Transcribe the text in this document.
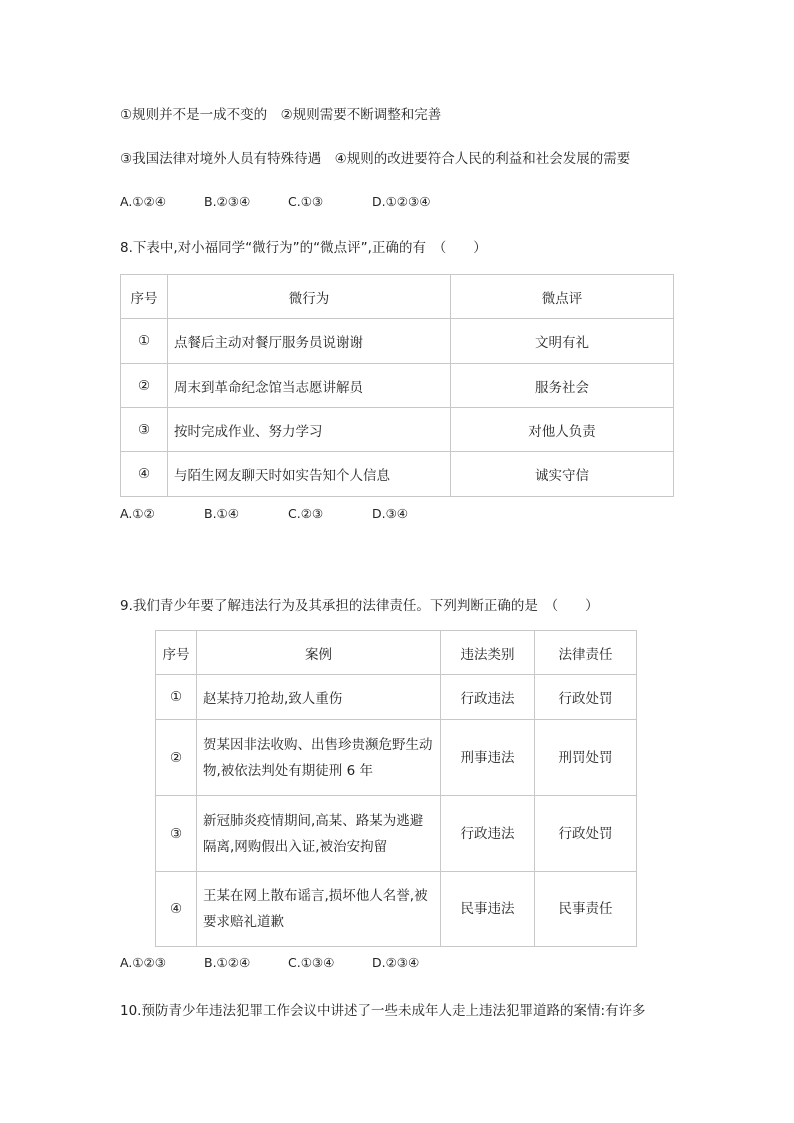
①规则并不是一成不变的　②规则需要不断调整和完善
③我国法律对境外人员有特殊待遇　④规则的改进要符合人民的利益和社会发展的需要
A.①②④	B.②③④	C.①③	D.①②③④
8.下表中,对小福同学“微行为”的“微点评”,正确的有　（　　）
序号	微行为	微点评
①	点餐后主动对餐厅服务员说谢谢	文明有礼
②	周末到革命纪念馆当志愿讲解员	服务社会
③	按时完成作业、努力学习	对他人负责
④	与陌生网友聊天时如实告知个人信息	诚实守信
A.①②	B.①④	C.②③	D.③④
9.我们青少年要了解违法行为及其承担的法律责任。下列判断正确的是　（　　）
序号	案例	违法类别	法律责任
①	赵某持刀抢劫,致人重伤	行政违法	行政处罚
②	贺某因非法收购、出售珍贵濒危野生动物,被依法判处有期徒刑 6 年	刑事违法	刑罚处罚
③	新冠肺炎疫情期间,高某、路某为逃避隔离,网购假出入证,被治安拘留	行政违法	行政处罚
④	王某在网上散布谣言,损坏他人名誉,被要求赔礼道歉	民事违法	民事责任
A.①②③	B.①②④	C.①③④	D.②③④
10.预防青少年违法犯罪工作会议中讲述了一些未成年人走上违法犯罪道路的案情:有许多
